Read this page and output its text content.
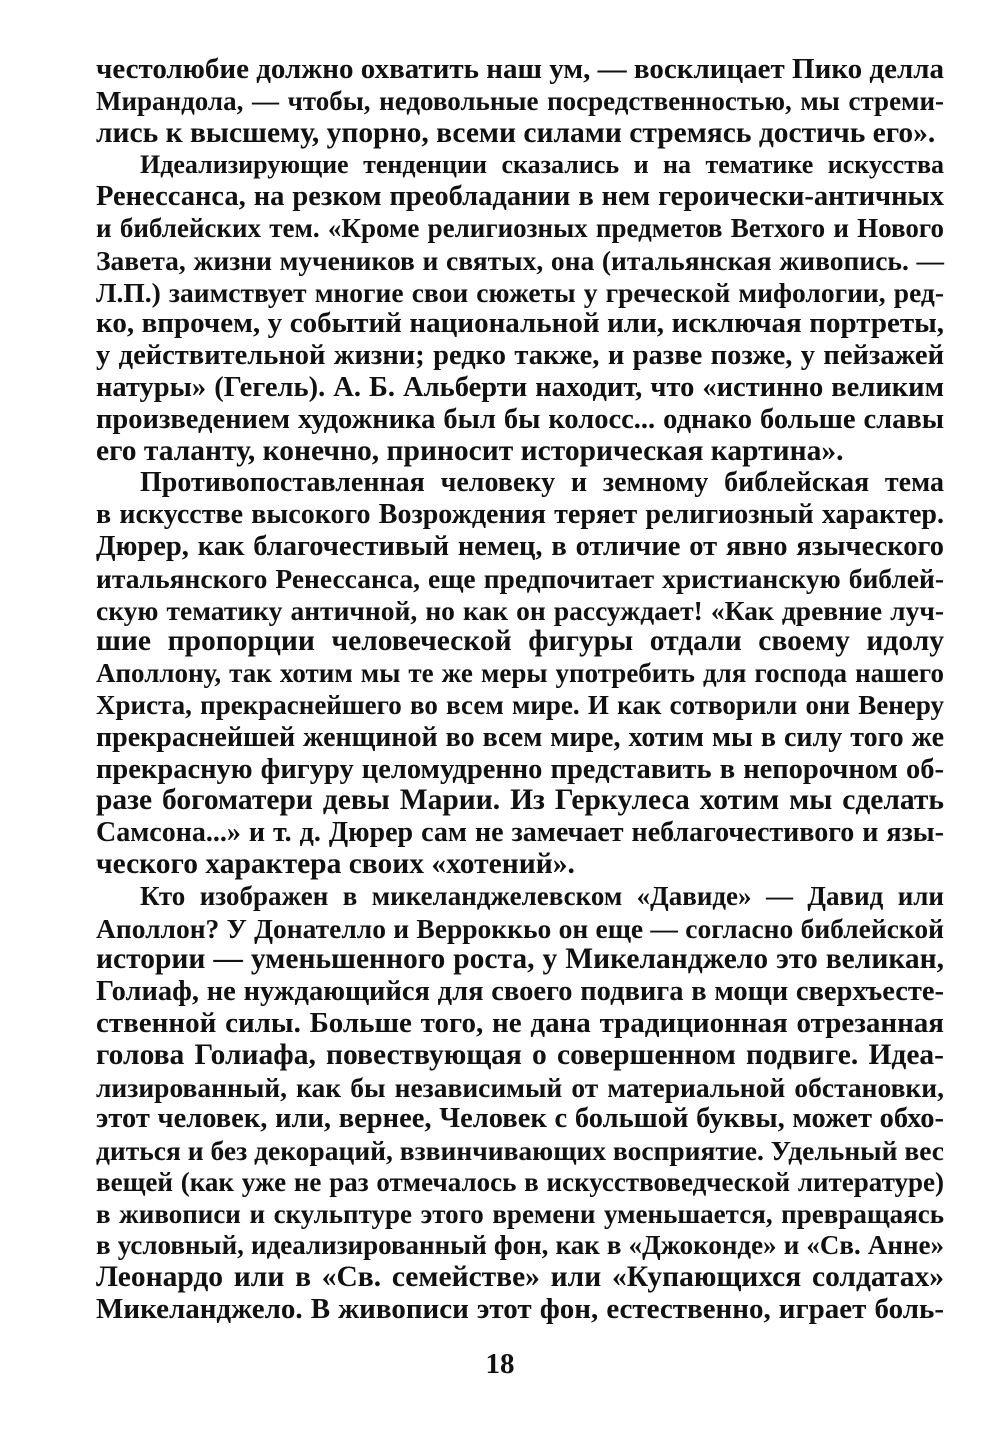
честолюбие должно охватить наш ум, — восклицает Пико делла
Мирандола, — чтобы, недовольные посредственностью, мы стреми-
лись к высшему, упорно, всеми силами стремясь достичь его».
Идеализирующие тенденции сказались и на тематике искусства
Ренессанса, на резком преобладании в нем героически-античных
и библейских тем. «Кроме религиозных предметов Ветхого и Нового
Завета, жизни мучеников и святых, она (итальянская живопись. —
Л.П.) заимствует многие свои сюжеты у греческой мифологии, ред-
ко, впрочем, у событий национальной или, исключая портреты,
у действительной жизни; редко также, и разве позже, у пейзажей
натуры» (Гегель). А. Б. Альберти находит, что «истинно великим
произведением художника был бы колосс... однако больше славы
его таланту, конечно, приносит историческая картина».
Противопоставленная человеку и земному библейская тема
в искусстве высокого Возрождения теряет религиозный характер.
Дюрер, как благочестивый немец, в отличие от явно языческого
итальянского Ренессанса, еще предпочитает христианскую библей-
скую тематику античной, но как он рассуждает! «Как древние луч-
шие пропорции человеческой фигуры отдали своему идолу
Аполлону, так хотим мы те же меры употребить для господа нашего
Христа, прекраснейшего во всем мире. И как сотворили они Венеру
прекраснейшей женщиной во всем мире, хотим мы в силу того же
прекрасную фигуру целомудренно представить в непорочном об-
разе богоматери девы Марии. Из Геркулеса хотим мы сделать
Самсона...» и т. д. Дюрер сам не замечает неблагочестивого и язы-
ческого характера своих «хотений».
Кто изображен в микеланджелевском «Давиде» — Давид или
Аполлон? У Донателло и Верроккьо он еще — согласно библейской
истории — уменьшенного роста, у Микеланджело это великан,
Голиаф, не нуждающийся для своего подвига в мощи сверхъесте-
ственной силы. Больше того, не дана традиционная отрезанная
голова Голиафа, повествующая о совершенном подвиге. Идеа-
лизированный, как бы независимый от материальной обстановки,
этот человек, или, вернее, Человек с большой буквы, может обхо-
диться и без декораций, взвинчивающих восприятие. Удельный вес
вещей (как уже не раз отмечалось в искусствоведческой литературе)
в живописи и скульптуре этого времени уменьшается, превращаясь
в условный, идеализированный фон, как в «Джоконде» и «Св. Анне»
Леонардо или в «Св. семействе» или «Купающихся солдатах»
Микеланджело. В живописи этот фон, естественно, играет боль-
18
